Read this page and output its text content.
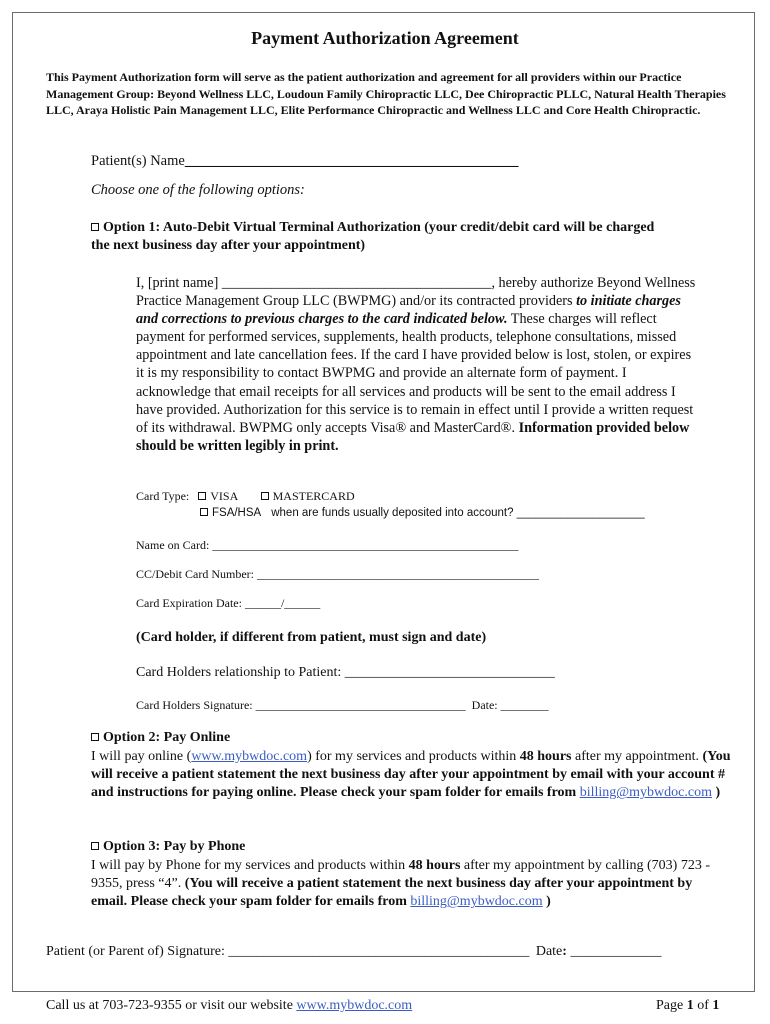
Payment Authorization Agreement
This Payment Authorization form will serve as the patient authorization and agreement for all providers within our Practice Management Group: Beyond Wellness LLC, Loudoun Family Chiropractic LLC, Dee Chiropractic PLLC, Natural Health Therapies LLC, Araya Holistic Pain Management LLC, Elite Performance Chiropractic and Wellness LLC and Core Health Chiropractic.
Patient(s) Name______________________________________________
Choose one of the following options:
Option 1: Auto-Debit Virtual Terminal Authorization (your credit/debit card will be charged
the next business day after your appointment)

I, [print name] ______________________________________, hereby authorize Beyond Wellness Practice Management Group LLC (BWPMG) and/or its contracted providers to initiate charges and corrections to previous charges to the card indicated below. These charges will reflect payment for performed services, supplements, health products, telephone consultations, missed appointment and late cancellation fees. If the card I have provided below is lost, stolen, or expires it is my responsibility to contact BWPMG and provide an alternate form of payment. I acknowledge that email receipts for all services and products will be sent to the email address I have provided. Authorization for this service is to remain in effect until I provide a written request of its withdrawal. BWPMG only accepts Visa® and MasterCard®. Information provided below should be written legibly in print.

Card Type: VISA	MASTERCARD
FSA/HSA when are funds usually deposited into account? ____________________
Name on Card: ___________________________________________________
CC/Debit Card Number: _______________________________________________
Card Expiration Date: ______/______
(Card holder, if different from patient, must sign and date)
Card Holders relationship to Patient: ______________________________
Card Holders Signature: ___________________________________ Date: ________
Option 2: Pay Online
I will pay online (www.mybwdoc.com) for my services and products within 48 hours after my appointment. (You will receive a patient statement the next business day after your appointment by email with your account # and instructions for paying online. Please check your spam folder for emails from billing@mybwdoc.com )
Option 3: Pay by Phone
I will pay by Phone for my services and products within 48 hours after my appointment by calling (703) 723 - 9355, press “4”. (You will receive a patient statement the next business day after your appointment by email. Please check your spam folder for emails from billing@mybwdoc.com )
Patient (or Parent of) Signature: ___________________________________________ Date: _____________
Call us at 703-723-9355 or visit our website www.mybwdoc.com	Page 1 of 1
